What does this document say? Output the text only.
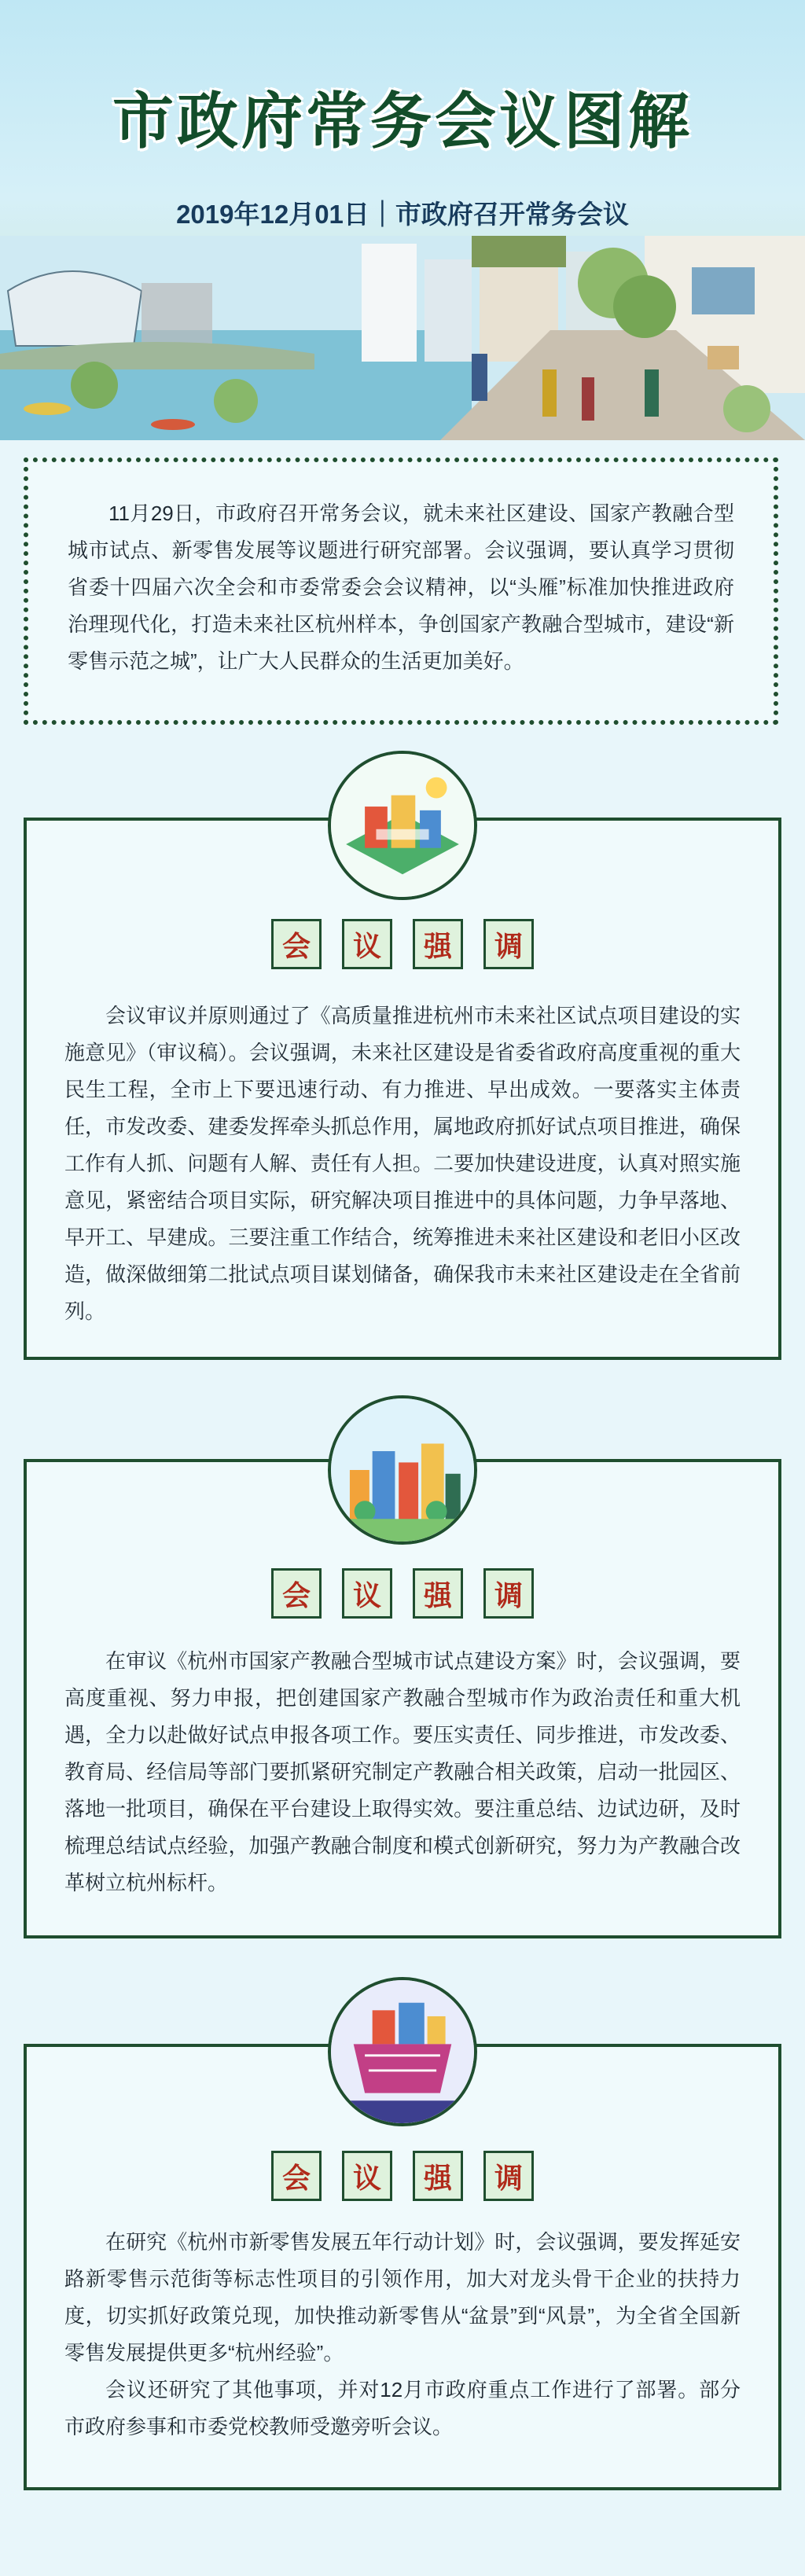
市政府常务会议图解
2019年12月01日｜市政府召开常务会议

11月29日，市政府召开常务会议，就未来社区建设、国家产教融合型城市试点、新零售发展等议题进行研究部署。会议强调，要认真学习贯彻省委十四届六次全会和市委常委会会议精神，以“头雁”标准加快推进政府治理现代化，打造未来社区杭州样本，争创国家产教融合型城市，建设“新零售示范之城”，让广大人民群众的生活更加美好。

会	议	强	调

会议审议并原则通过了《高质量推进杭州市未来社区试点项目建设的实施意见》（审议稿）。会议强调，未来社区建设是省委省政府高度重视的重大民生工程，全市上下要迅速行动、有力推进、早出成效。一要落实主体责任，市发改委、建委发挥牵头抓总作用，属地政府抓好试点项目推进，确保工作有人抓、问题有人解、责任有人担。二要加快建设进度，认真对照实施意见，紧密结合项目实际，研究解决项目推进中的具体问题，力争早落地、早开工、早建成。三要注重工作结合，统筹推进未来社区建设和老旧小区改造，做深做细第二批试点项目谋划储备，确保我市未来社区建设走在全省前列。

会	议	强	调

在审议《杭州市国家产教融合型城市试点建设方案》时，会议强调，要高度重视、努力申报，把创建国家产教融合型城市作为政治责任和重大机遇，全力以赴做好试点申报各项工作。要压实责任、同步推进，市发改委、教育局、经信局等部门要抓紧研究制定产教融合相关政策，启动一批园区、落地一批项目，确保在平台建设上取得实效。要注重总结、边试边研，及时梳理总结试点经验，加强产教融合制度和模式创新研究，努力为产教融合改革树立杭州标杆。

会	议	强	调

在研究《杭州市新零售发展五年行动计划》时，会议强调，要发挥延安路新零售示范街等标志性项目的引领作用，加大对龙头骨干企业的扶持力度，切实抓好政策兑现，加快推动新零售从“盆景”到“风景”，为全省全国新零售发展提供更多“杭州经验”。

会议还研究了其他事项，并对12月市政府重点工作进行了部署。部分市政府参事和市委党校教师受邀旁听会议。
